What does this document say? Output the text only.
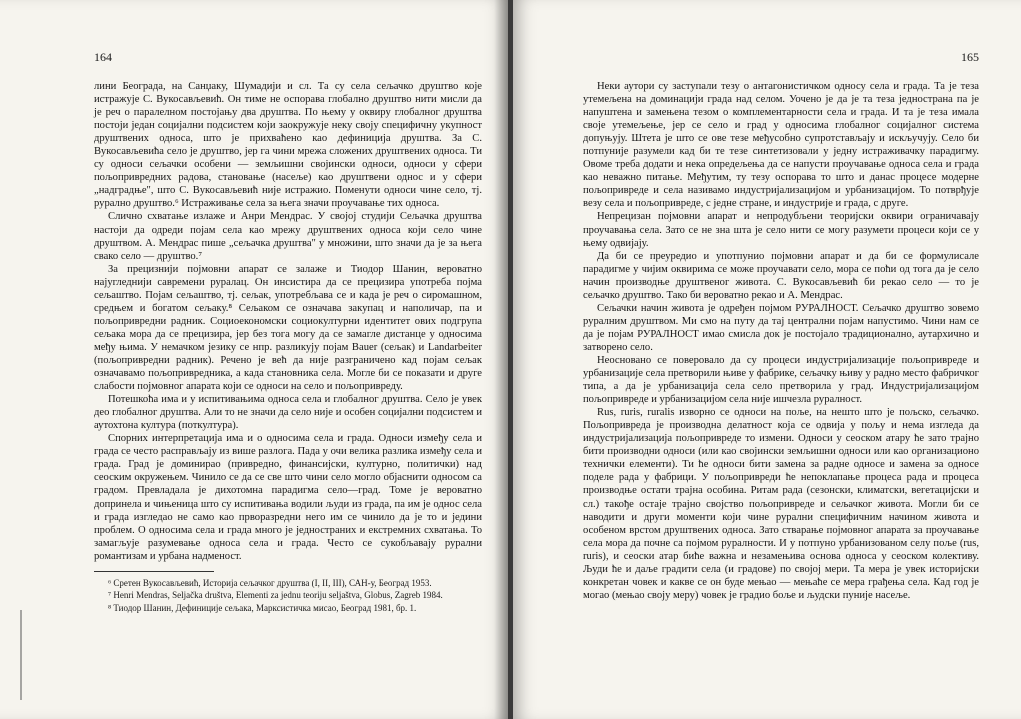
164

лини Београда, на Санџаку, Шумадији и сл. Та су села сељачко друштво које истражује С. Вукосављевић. Он тиме не оспорава глобално друштво нити мисли да је реч о паралелном постојању два друштва. По њему у оквиру глобалног друштва постоји један социјални подсистем који заокружује неку своју специфичну укупност друштвених односа, што је прихваћено као дефиниција друштва. За С. Вукосављевића село је друштво, јер га чини мрежа сложених друштвених односа. Ти су односи сељачки особени — земљишни својински односи, односи у сфери пољопривредних радова, становање (насеље) као друштвени однос и у сфери „надградње", што С. Вукосављевић није истражио. Поменути односи чине село, тј. рурално друштво.⁶ Истраживање села за њега значи проучавање тих односа.

Слично схватање излаже и Анри Мендрас. У својој студији Сељачка друштва настоји да одреди појам села као мрежу друштвених односа који село чине друштвом. А. Мендрас пише „сељачка друштва" у множини, што значи да је за њега свако село — друштво.⁷

За прецизнији појмовни апарат се залаже и Тиодор Шанин, вероватно најугледнији савремени руралац. Он инсистира да се прецизира употреба појма сељаштво. Појам сељаштво, тј. сељак, употребљава се и када је реч о сиромашном, средњем и богатом сељаку.⁸ Сељаком се означава закупац и наполичар, па и пољопривредни радник. Социоекономски социокултурни идентитет ових подгрупа сељака мора да се прецизира, јер без тога могу да се замагле дистанце у односима међу њима. У немачком језику се нпр. разликују појам Bauer (сељак) и Landarbeiter (пољопривредни радник). Речено је већ да није разграничено кад појам сељак означавамо пољопривредника, а када становника села. Могле би се показати и друге слабости појмовног апарата који се односи на село и пољопривреду.

Потешкоћа има и у испитивањима односа села и глобалног друштва. Село је увек део глобалног друштва. Али то не значи да село није и особен социјални подсистем и аутохтона култура (поткултура).

Спорних интерпретација има и о односима села и града. Односи између села и града се често расправљају из више разлога. Пада у очи велика разлика између села и града. Град је доминирао (привредно, финансијски, културно, политички) над сеоским окружењем. Чинило се да се све што чини село могло објаснити односом са градом. Превладала је дихотомна парадигма село—град. Томе је вероватно допринела и чињеница што су испитивања водили људи из града, па им је однос села и града изгледао не само као прворазредни него им се чинило да је то и једини проблем. О односима села и града много је једностраних и екстремних схватања. То замагљује разумевање односа села и града. Често се сукобљавају рурални романтизам и урбана надменост.

⁶ Сретен Вукосављевић, Историја сељачког друштва (I, II, III), САН-у, Београд 1953.

⁷ Henri Mendras, Seljačka društva, Elementi za jednu teoriju seljaštva, Globus, Zagreb 1984.

⁸ Тиодор Шанин, Дефиниције сељака, Марксистичка мисао, Београд 1981, бр. 1.

165

Неки аутори су заступали тезу о антагонистичком односу села и града. Та је теза утемељена на доминацији града над селом. Уочено је да је та теза једнострана па је напуштена и замењена тезом о комплементарности села и града. И та је теза имала своје утемељење, јер се село и град у односима глобалног социјалног система допуњују. Штета је што се ове тезе међусобно супротстављају и искључују. Село би потпуније разумели кад би те тезе синтетизовали у једну истраживачку парадигму. Овоме треба додати и нека опредељења да се напусти проучавање односа села и града као неважно питање. Међутим, ту тезу оспорава то што и данас процесе модерне пољопривреде и села називамо индустријализацијом и урбанизацијом. То потврђује везу села и пољопривреде, с једне стране, и индустрије и града, с друге.

Непрецизан појмовни апарат и непродубљени теоријски оквири ограничавају проучавања села. Зато се не зна шта је село нити се могу разумети процеси који се у њему одвијају.

Да би се преуредио и употпунио појмовни апарат и да би се формулисале парадигме у чијим оквирима се може проучавати село, мора се поћи од тога да је село начин производње друштвеног живота. С. Вукосављевић би рекао село — то је сељачко друштво. Тако би вероватно рекао и А. Мендрас.

Сељачки начин живота је одређен појмом РУРАЛНОСТ. Сељачко друштво зовемо руралним друштвом. Ми смо на путу да тај централни појам напустимо. Чини нам се да је појам РУРАЛНОСТ имао смисла док је постојало традиционално, аутархично и затворено село.

Неосновано се поверовало да су процеси индустријализације пољопривреде и урбанизације села претворили њиве у фабрике, сељачку њиву у радно место фабричког типа, а да је урбанизација села село претворила у град. Индустријализацијом пољопривреде и урбанизацијом села није ишчезла руралност.

Rus, ruris, ruralis изворно се односи на поље, на нешто што је пољско, сељачко. Пољопривреда је производна делатност која се одвија у пољу и нема изгледа да индустријализација пољопривреде то измени. Односи у сеоском атару ће зато трајно бити производни односи (или као својински земљишни односи или као организационо технички елементи). Ти ће односи бити замена за радне односе и замена за односе поделе рада у фабрици. У пољопривреди ће непоклапање процеса рада и процеса производње остати трајна особина. Ритам рада (сезонски, климатски, вегетацијски и сл.) такође остаје трајно својство пољопривреде и сељачког живота. Могли би се наводити и други моменти који чине рурални специфичним начином живота и особеном врстом друштвених односа. Зато стварање појмовног апарата за проучавање села мора да почне са појмом руралности. И у потпуно урбанизованом селу поље (rus, ruris), и сеоски атар биће важна и незамењива основа односа у сеоском колективу. Људи ће и даље градити села (и градове) по својој мери. Та мера је увек историјски конкретан човек и какве се он буде мењао — мењаће се мера грађења села. Кад год је могао (мењао своју меру) човек је градио боље и људски пуније насеље.
